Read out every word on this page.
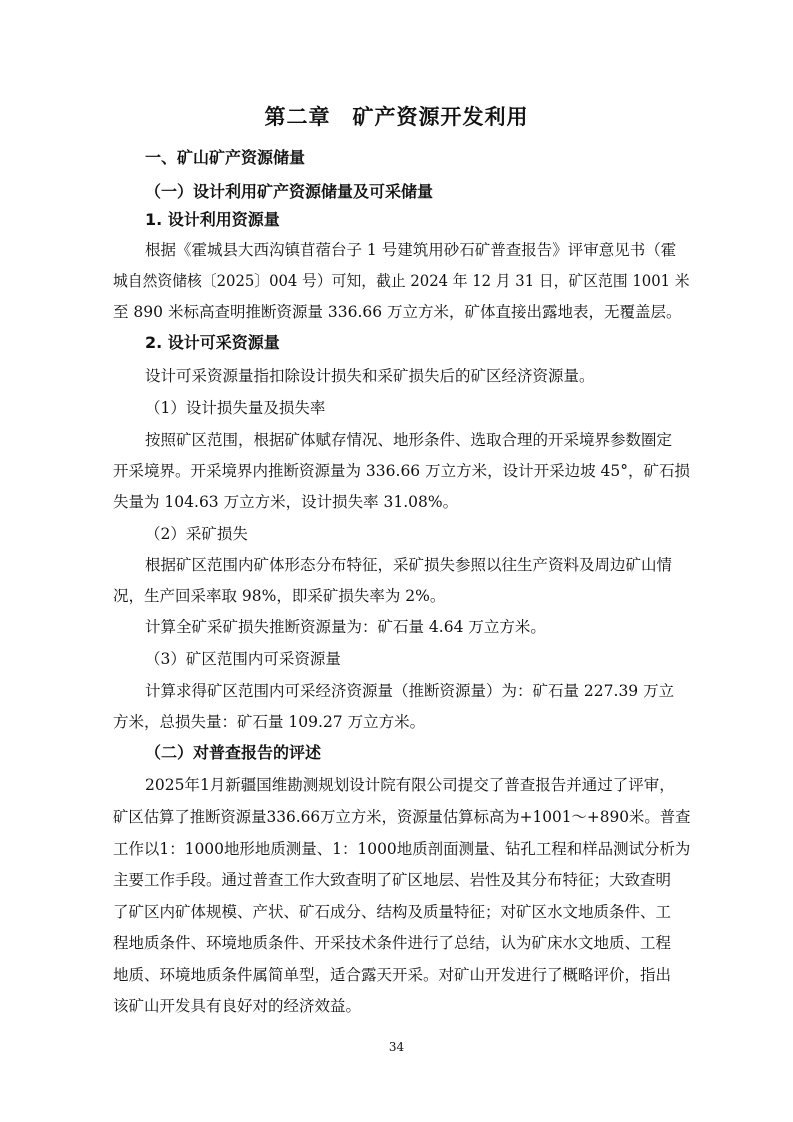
第二章　矿产资源开发利用
一、矿山矿产资源储量
（一）设计利用矿产资源储量及可采储量
1. 设计利用资源量
根据《霍城县大西沟镇苜蓿台子 1 号建筑用砂石矿普查报告》评审意见书（霍
城自然资储核〔2025〕004 号）可知，截止 2024 年 12 月 31 日，矿区范围 1001 米
至 890 米标高查明推断资源量 336.66 万立方米，矿体直接出露地表，无覆盖层。
2. 设计可采资源量
设计可采资源量指扣除设计损失和采矿损失后的矿区经济资源量。
（1）设计损失量及损失率
按照矿区范围，根据矿体赋存情况、地形条件、选取合理的开采境界参数圈定
开采境界。开采境界内推断资源量为 336.66 万立方米，设计开采边坡 45°，矿石损
失量为 104.63 万立方米，设计损失率 31.08%。
（2）采矿损失
根据矿区范围内矿体形态分布特征，采矿损失参照以往生产资料及周边矿山情
况，生产回采率取 98%，即采矿损失率为 2%。
计算全矿采矿损失推断资源量为：矿石量 4.64 万立方米。
（3）矿区范围内可采资源量
计算求得矿区范围内可采经济资源量（推断资源量）为：矿石量 227.39 万立
方米，总损失量：矿石量 109.27 万立方米。
（二）对普查报告的评述
2025年1月新疆国维勘测规划设计院有限公司提交了普查报告并通过了评审，
矿区估算了推断资源量336.66万立方米，资源量估算标高为+1001～+890米。普查
工作以1：1000地形地质测量、1：1000地质剖面测量、钻孔工程和样品测试分析为
主要工作手段。通过普查工作大致查明了矿区地层、岩性及其分布特征；大致查明
了矿区内矿体规模、产状、矿石成分、结构及质量特征；对矿区水文地质条件、工
程地质条件、环境地质条件、开采技术条件进行了总结，认为矿床水文地质、工程
地质、环境地质条件属简单型，适合露天开采。对矿山开发进行了概略评价，指出
该矿山开发具有良好对的经济效益。
34
